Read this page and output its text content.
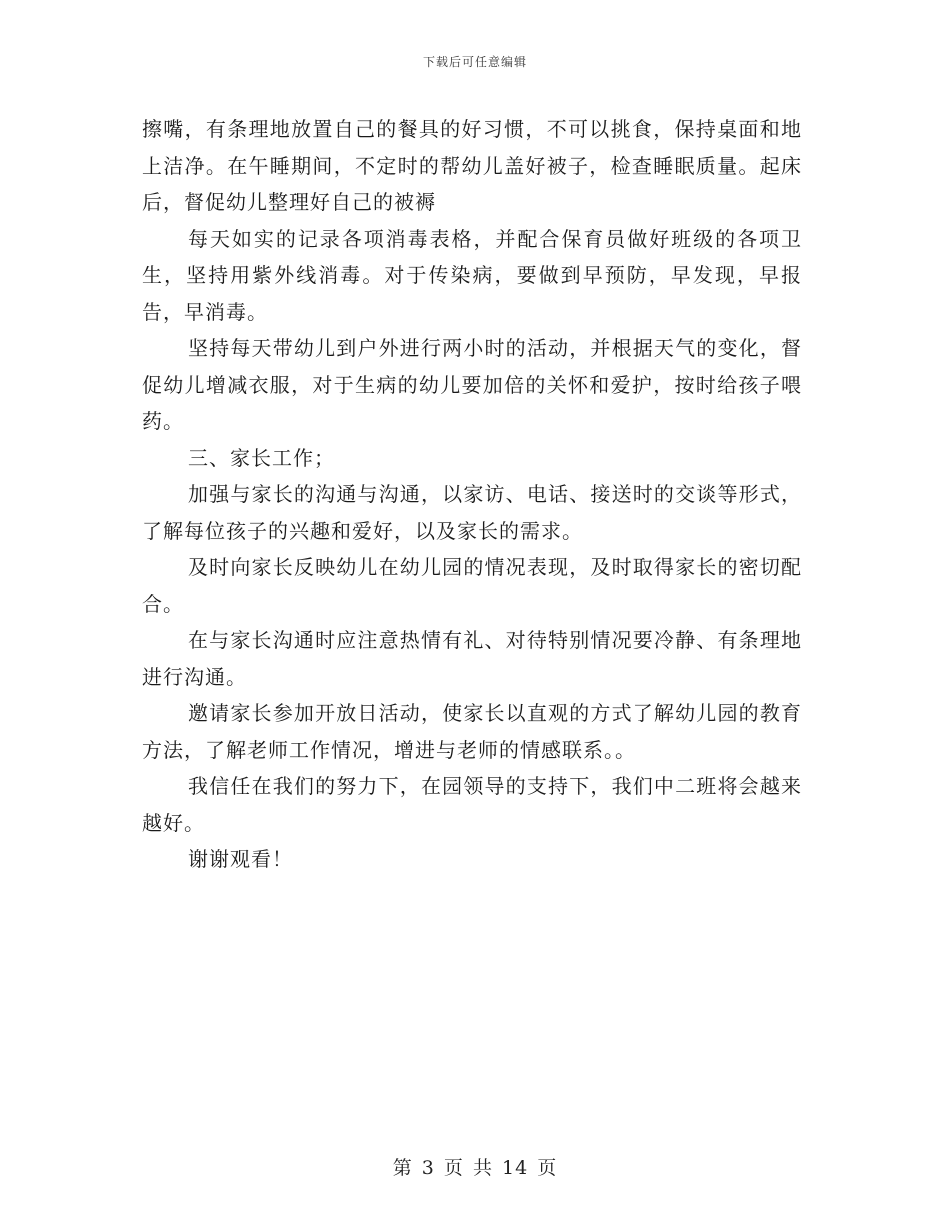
下载后可任意编辑

擦嘴，有条理地放置自己的餐具的好习惯，不可以挑食，保持桌面和地上洁净。在午睡期间，不定时的帮幼儿盖好被子，检查睡眠质量。起床后，督促幼儿整理好自己的被褥

每天如实的记录各项消毒表格，并配合保育员做好班级的各项卫生，坚持用紫外线消毒。对于传染病，要做到早预防，早发现，早报告，早消毒。

坚持每天带幼儿到户外进行两小时的活动，并根据天气的变化，督促幼儿增减衣服，对于生病的幼儿要加倍的关怀和爱护，按时给孩子喂药。

三、家长工作；

加强与家长的沟通与沟通，以家访、电话、接送时的交谈等形式，了解每位孩子的兴趣和爱好，以及家长的需求。

及时向家长反映幼儿在幼儿园的情况表现，及时取得家长的密切配合。

在与家长沟通时应注意热情有礼、对待特别情况要冷静、有条理地进行沟通。

邀请家长参加开放日活动，使家长以直观的方式了解幼儿园的教育方法，了解老师工作情况，增进与老师的情感联系。。

我信任在我们的努力下，在园领导的支持下，我们中二班将会越来越好。

谢谢观看！

第 3 页 共 14 页
